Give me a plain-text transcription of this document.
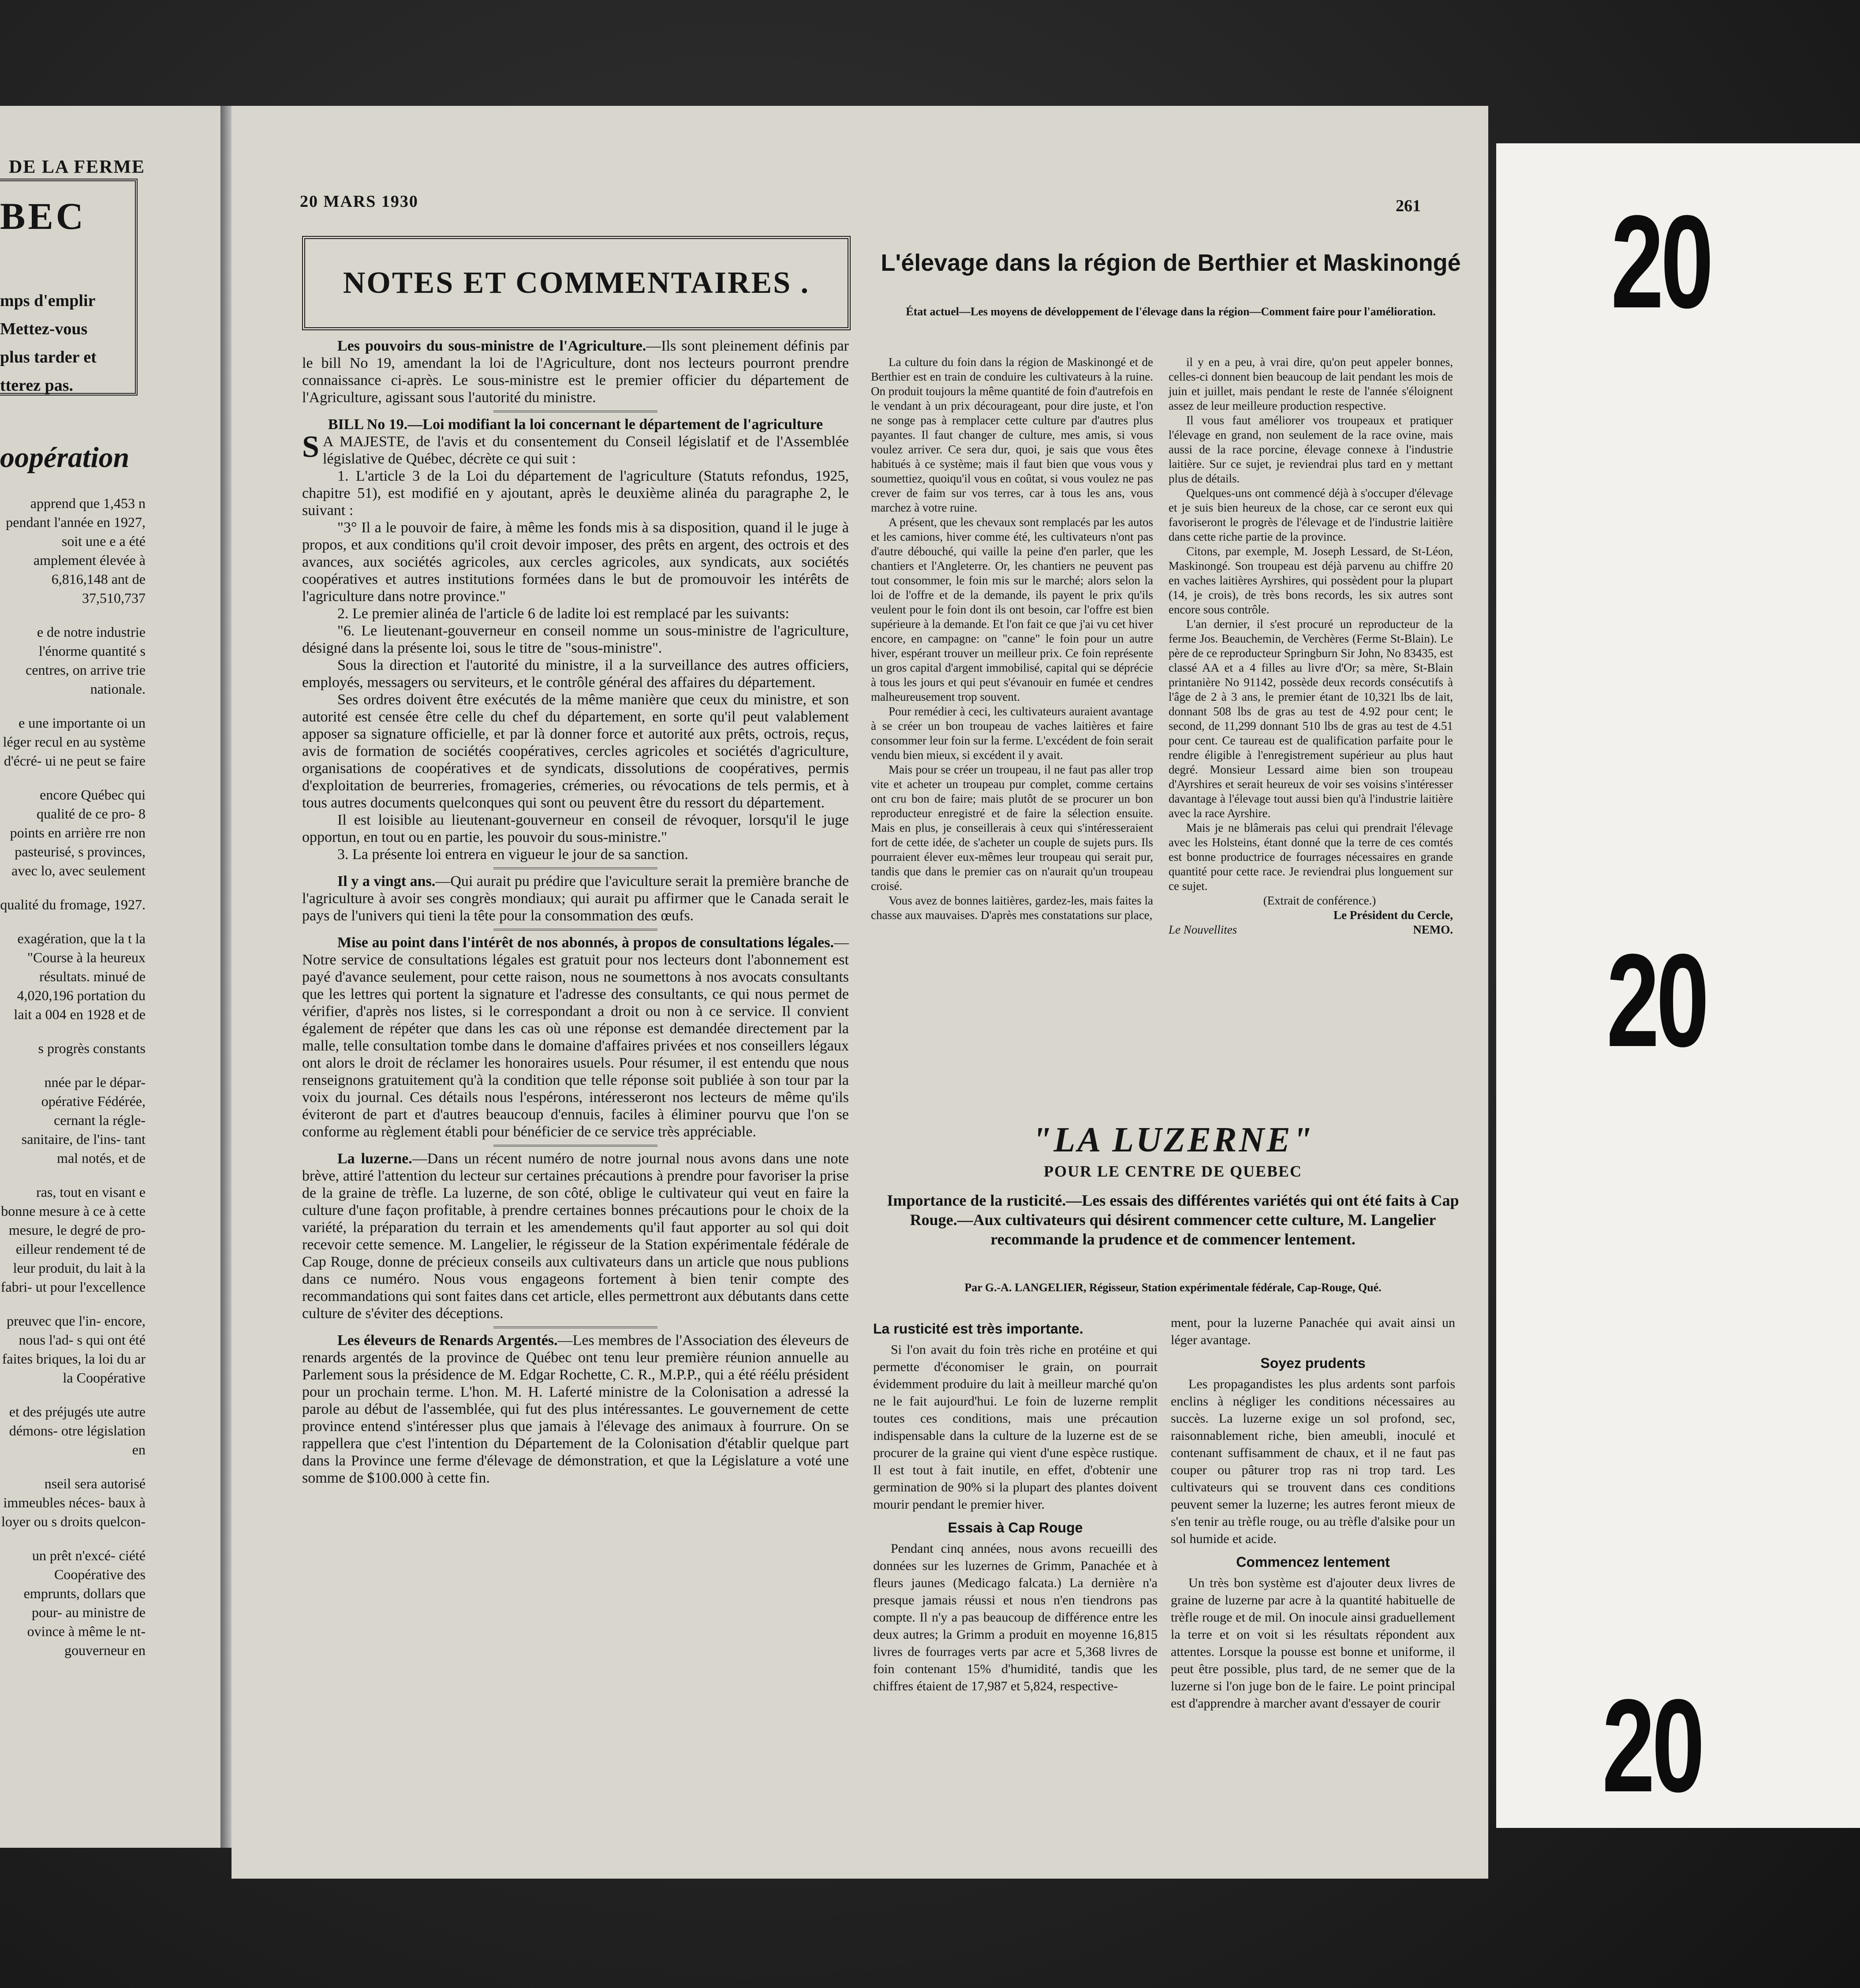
DE LA FERME
BEC
mps d'emplir
Mettez-vous
plus tarder et
tterez pas.
oopération

apprend que 1,453 n pendant l'année en 1927, soit une e a été amplement élevée à 6,816,148 ant de 37,510,737

e de notre industrie l'énorme quantité s centres, on arrive trie nationale.

e une importante oi un léger recul en au système d'écré- ui ne peut se faire

encore Québec qui qualité de ce pro- 8 points en arrière rre non pasteurisé, s provinces, avec lo, avec seulement

qualité du fromage, 1927.

exagération, que la t la "Course à la heureux résultats. minué de 4,020,196 portation du lait a 004 en 1928 et de

s progrès constants

nnée par le dépar- opérative Fédérée, cernant la régle- sanitaire, de l'ins- tant mal notés, et de

ras, tout en visant e bonne mesure à ce à cette mesure, le degré de pro- eilleur rendement té de leur produit, du lait à la fabri- ut pour l'excellence

preuvec que l'in- encore, nous l'ad- s qui ont été faites briques, la loi du ar la Coopérative

et des préjugés ute autre démons- otre législation en

nseil sera autorisé immeubles néces- baux à loyer ou s droits quelcon-

un prêt n'excé- ciété Coopérative des emprunts, dollars que pour- au ministre de ovince à même le nt-gouverneur en

20 MARS 1930	261
NOTES ET COMMENTAIRES .

Les pouvoirs du sous-ministre de l'Agriculture.—Ils sont pleinement définis par le bill No 19, amendant la loi de l'Agriculture, dont nos lecteurs pourront prendre connaissance ci-après. Le sous-ministre est le premier officier du département de l'Agriculture, agissant sous l'autorité du ministre.

BILL No 19.—Loi modifiant la loi concernant le département de l'agriculture

S A MAJESTE, de l'avis et du consentement du Conseil législatif et de l'Assemblée législative de Québec, décrète ce qui suit :

1. L'article 3 de la Loi du département de l'agriculture (Statuts refondus, 1925, chapitre 51), est modifié en y ajoutant, après le deuxième alinéa du paragraphe 2, le suivant :

"3° Il a le pouvoir de faire, à même les fonds mis à sa disposition, quand il le juge à propos, et aux conditions qu'il croit devoir imposer, des prêts en argent, des octrois et des avances, aux sociétés agricoles, aux cercles agricoles, aux syndicats, aux sociétés coopératives et autres institutions formées dans le but de promouvoir les intérêts de l'agriculture dans notre province."

2. Le premier alinéa de l'article 6 de ladite loi est remplacé par les suivants:

"6. Le lieutenant-gouverneur en conseil nomme un sous-ministre de l'agriculture, désigné dans la présente loi, sous le titre de "sous-ministre".

Sous la direction et l'autorité du ministre, il a la surveillance des autres officiers, employés, messagers ou serviteurs, et le contrôle général des affaires du département.

Ses ordres doivent être exécutés de la même manière que ceux du ministre, et son autorité est censée être celle du chef du département, en sorte qu'il peut valablement apposer sa signature officielle, et par là donner force et autorité aux prêts, octrois, reçus, avis de formation de sociétés coopératives, cercles agricoles et sociétés d'agriculture, organisations de coopératives et de syndicats, dissolutions de coopératives, permis d'exploitation de beurreries, fromageries, crémeries, ou révocations de tels permis, et à tous autres documents quelconques qui sont ou peuvent être du ressort du département.

Il est loisible au lieutenant-gouverneur en conseil de révoquer, lorsqu'il le juge opportun, en tout ou en partie, les pouvoir du sous-ministre."

3. La présente loi entrera en vigueur le jour de sa sanction.

Il y a vingt ans.—Qui aurait pu prédire que l'aviculture serait la première branche de l'agriculture à avoir ses congrès mondiaux; qui aurait pu affirmer que le Canada serait le pays de l'univers qui tieni la tête pour la consommation des œufs.

Mise au point dans l'intérêt de nos abonnés, à propos de consultations légales.—Notre service de consultations légales est gratuit pour nos lecteurs dont l'abonnement est payé d'avance seulement, pour cette raison, nous ne soumettons à nos avocats consultants que les lettres qui portent la signature et l'adresse des consultants, ce qui nous permet de vérifier, d'après nos listes, si le correspondant a droit ou non à ce service. Il convient également de répéter que dans les cas où une réponse est demandée directement par la malle, telle consultation tombe dans le domaine d'affaires privées et nos conseillers légaux ont alors le droit de réclamer les honoraires usuels. Pour résumer, il est entendu que nous renseignons gratuitement qu'à la condition que telle réponse soit publiée à son tour par la voix du journal. Ces détails nous l'espérons, intéresseront nos lecteurs de même qu'ils éviteront de part et d'autres beaucoup d'ennuis, faciles à éliminer pourvu que l'on se conforme au règlement établi pour bénéficier de ce service très appréciable.

La luzerne.—Dans un récent numéro de notre journal nous avons dans une note brève, attiré l'attention du lecteur sur certaines précautions à prendre pour favoriser la prise de la graine de trèfle. La luzerne, de son côté, oblige le cultivateur qui veut en faire la culture d'une façon profitable, à prendre certaines bonnes précautions pour le choix de la variété, la préparation du terrain et les amendements qu'il faut apporter au sol qui doit recevoir cette semence. M. Langelier, le régisseur de la Station expérimentale fédérale de Cap Rouge, donne de précieux conseils aux cultivateurs dans un article que nous publions dans ce numéro. Nous vous engageons fortement à bien tenir compte des recommandations qui sont faites dans cet article, elles permettront aux débutants dans cette culture de s'éviter des déceptions.

Les éleveurs de Renards Argentés.—Les membres de l'Association des éleveurs de renards argentés de la province de Québec ont tenu leur première réunion annuelle au Parlement sous la présidence de M. Edgar Rochette, C. R., M.P.P., qui a été réélu président pour un prochain terme. L'hon. M. H. Laferté ministre de la Colonisation a adressé la parole au début de l'assemblée, qui fut des plus intéressantes. Le gouvernement de cette province entend s'intéresser plus que jamais à l'élevage des animaux à fourrure. On se rappellera que c'est l'intention du Département de la Colonisation d'établir quelque part dans la Province une ferme d'élevage de démonstration, et que la Législature a voté une somme de $100.000 à cette fin.

L'élevage dans la région de Berthier et Maskinongé
État actuel—Les moyens de développement de l'élevage dans la région—Comment faire pour l'amélioration.

La culture du foin dans la région de Maskinongé et de Berthier est en train de conduire les cultivateurs à la ruine. On produit toujours la même quantité de foin d'autrefois en le vendant à un prix décourageant, pour dire juste, et l'on ne songe pas à remplacer cette culture par d'autres plus payantes. Il faut changer de culture, mes amis, si vous voulez arriver. Ce sera dur, quoi, je sais que vous êtes habitués à ce système; mais il faut bien que vous vous y soumettiez, quoiqu'il vous en coûtat, si vous voulez ne pas crever de faim sur vos terres, car à tous les ans, vous marchez à votre ruine.

A présent, que les chevaux sont remplacés par les autos et les camions, hiver comme été, les cultivateurs n'ont pas d'autre débouché, qui vaille la peine d'en parler, que les chantiers et l'Angleterre. Or, les chantiers ne peuvent pas tout consommer, le foin mis sur le marché; alors selon la loi de l'offre et de la demande, ils payent le prix qu'ils veulent pour le foin dont ils ont besoin, car l'offre est bien supérieure à la demande. Et l'on fait ce que j'ai vu cet hiver encore, en campagne: on "canne" le foin pour un autre hiver, espérant trouver un meilleur prix. Ce foin représente un gros capital d'argent immobilisé, capital qui se déprécie à tous les jours et qui peut s'évanouir en fumée et cendres malheureusement trop souvent.

Pour remédier à ceci, les cultivateurs auraient avantage à se créer un bon troupeau de vaches laitières et faire consommer leur foin sur la ferme. L'excédent de foin serait vendu bien mieux, si excédent il y avait.

Mais pour se créer un troupeau, il ne faut pas aller trop vite et acheter un troupeau pur complet, comme certains ont cru bon de faire; mais plutôt de se procurer un bon reproducteur enregistré et de faire la sélection ensuite. Mais en plus, je conseillerais à ceux qui s'intéresseraient fort de cette idée, de s'acheter un couple de sujets purs. Ils pourraient élever eux-mêmes leur troupeau qui serait pur, tandis que dans le premier cas on n'aurait qu'un troupeau croisé.

Vous avez de bonnes laitières, gardez-les, mais faites la chasse aux mauvaises. D'après mes constatations sur place,

il y en a peu, à vrai dire, qu'on peut appeler bonnes, celles-ci donnent bien beaucoup de lait pendant les mois de juin et juillet, mais pendant le reste de l'année s'éloignent assez de leur meilleure production respective.

Il vous faut améliorer vos troupeaux et pratiquer l'élevage en grand, non seulement de la race ovine, mais aussi de la race porcine, élevage connexe à l'industrie laitière. Sur ce sujet, je reviendrai plus tard en y mettant plus de détails.

Quelques-uns ont commencé déjà à s'occuper d'élevage et je suis bien heureux de la chose, car ce seront eux qui favoriseront le progrès de l'élevage et de l'industrie laitière dans cette riche partie de la province.

Citons, par exemple, M. Joseph Lessard, de St-Léon, Maskinongé. Son troupeau est déjà parvenu au chiffre 20 en vaches laitières Ayrshires, qui possèdent pour la plupart (14, je crois), de très bons records, les six autres sont encore sous contrôle.

L'an dernier, il s'est procuré un reproducteur de la ferme Jos. Beauchemin, de Verchères (Ferme St-Blain). Le père de ce reproducteur Springburn Sir John, No 83435, est classé AA et a 4 filles au livre d'Or; sa mère, St-Blain printanière No 91142, possède deux records consécutifs à l'âge de 2 à 3 ans, le premier étant de 10,321 lbs de lait, donnant 508 lbs de gras au test de 4.92 pour cent; le second, de 11,299 donnant 510 lbs de gras au test de 4.51 pour cent. Ce taureau est de qualification parfaite pour le rendre éligible à l'enregistrement supérieur au plus haut degré. Monsieur Lessard aime bien son troupeau d'Ayrshires et serait heureux de voir ses voisins s'intéresser davantage à l'élevage tout aussi bien qu'à l'industrie laitière avec la race Ayrshire.

Mais je ne blâmerais pas celui qui prendrait l'élevage avec les Holsteins, étant donné que la terre de ces comtés est bonne productrice de fourrages nécessaires en grande quantité pour cette race. Je reviendrai plus longuement sur ce sujet.

(Extrait de conférence.)

Le Président du Cercle,

Le Nouvellites	NEMO.
"LA LUZERNE"
POUR LE CENTRE DE QUEBEC
Importance de la rusticité.—Les essais des différentes variétés qui ont été faits à Cap Rouge.—Aux cultivateurs qui désirent commencer cette culture, M. Langelier recommande la prudence et de commencer lentement.
Par G.-A. LANGELIER, Régisseur, Station expérimentale fédérale, Cap-Rouge, Qué.

La rusticité est très importante.

Si l'on avait du foin très riche en protéine et qui permette d'économiser le grain, on pourrait évidemment produire du lait à meilleur marché qu'on ne le fait aujourd'hui. Le foin de luzerne remplit toutes ces conditions, mais une précaution indispensable dans la culture de la luzerne est de se procurer de la graine qui vient d'une espèce rustique. Il est tout à fait inutile, en effet, d'obtenir une germination de 90% si la plupart des plantes doivent mourir pendant le premier hiver.

Essais à Cap Rouge

Pendant cinq années, nous avons recueilli des données sur les luzernes de Grimm, Panachée et à fleurs jaunes (Medicago falcata.) La dernière n'a presque jamais réussi et nous n'en tiendrons pas compte. Il n'y a pas beaucoup de différence entre les deux autres; la Grimm a produit en moyenne 16,815 livres de fourrages verts par acre et 5,368 livres de foin contenant 15% d'humidité, tandis que les chiffres étaient de 17,987 et 5,824, respective-

ment, pour la luzerne Panachée qui avait ainsi un léger avantage.

Soyez prudents

Les propagandistes les plus ardents sont parfois enclins à négliger les conditions nécessaires au succès. La luzerne exige un sol profond, sec, raisonnablement riche, bien ameubli, inoculé et contenant suffisamment de chaux, et il ne faut pas couper ou pâturer trop ras ni trop tard. Les cultivateurs qui se trouvent dans ces conditions peuvent semer la luzerne; les autres feront mieux de s'en tenir au trèfle rouge, ou au trèfle d'alsike pour un sol humide et acide.

Commencez lentement

Un très bon système est d'ajouter deux livres de graine de luzerne par acre à la quantité habituelle de trèfle rouge et de mil. On inocule ainsi graduellement la terre et on voit si les résultats répondent aux attentes. Lorsque la pousse est bonne et uniforme, il peut être possible, plus tard, de ne semer que de la luzerne si l'on juge bon de le faire. Le point principal est d'apprendre à marcher avant d'essayer de courir

20
20
20
